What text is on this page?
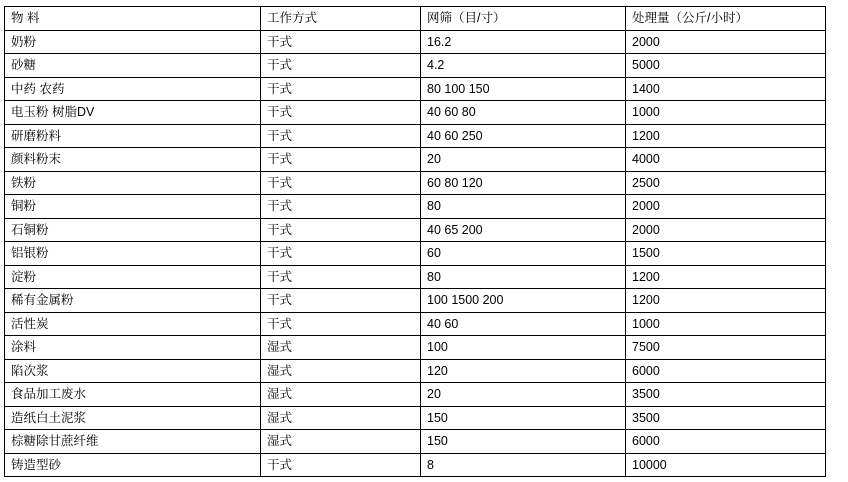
物 料	工作方式	网筛（目/寸）	处理量（公斤/小时）
奶粉	干式	16.2	2000
砂糖	干式	4.2	5000
中药 农药	干式	80 100 150	1400
电玉粉 树脂DV	干式	40 60 80	1000
研磨粉料	干式	40 60 250	1200
颜料粉末	干式	20	4000
铁粉	干式	60 80 120	2500
铜粉	干式	80	2000
石铜粉	干式	40 65 200	2000
铝银粉	干式	60	1500
淀粉	干式	80	1200
稀有金属粉	干式	100 1500 200	1200
活性炭	干式	40 60	1000
涂料	湿式	100	7500
陷次浆	湿式	120	6000
食品加工废水	湿式	20	3500
造纸白土泥浆	湿式	150	3500
棕糖除甘蔗纤维	湿式	150	6000
铸造型砂	干式	8	10000
